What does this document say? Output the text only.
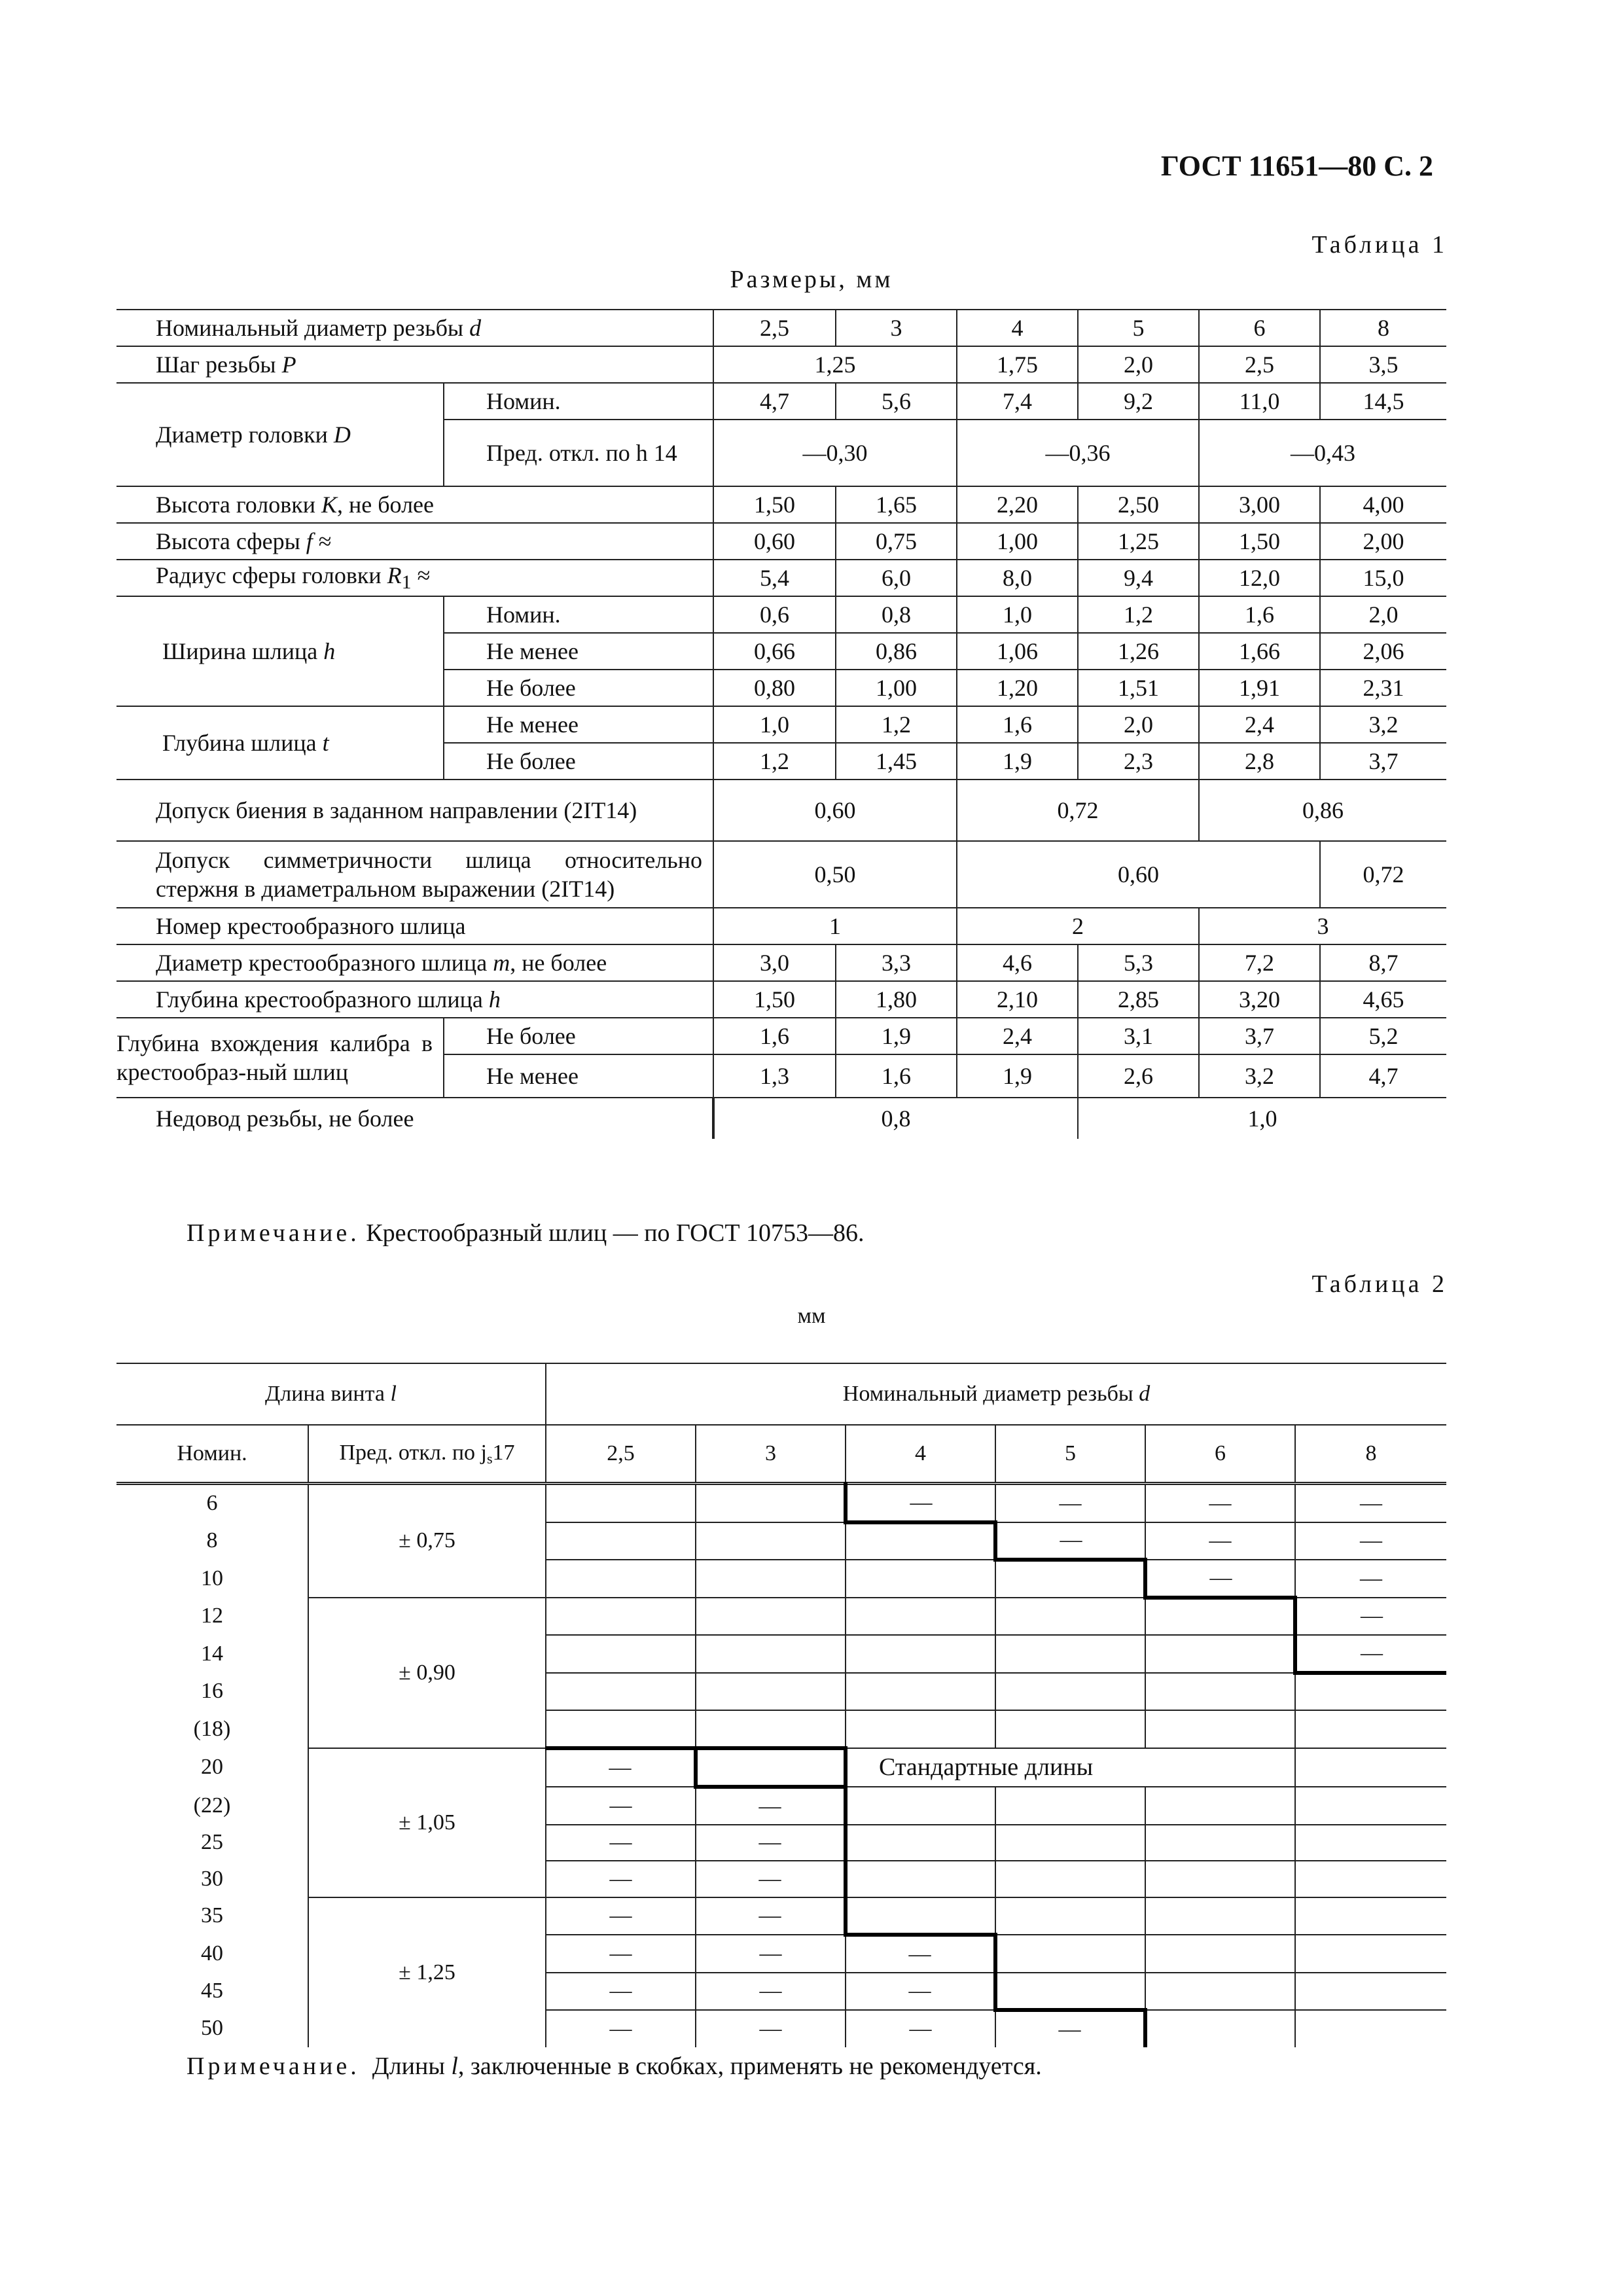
ГОСТ 11651—80 С. 2
Таблица 1
Размеры, мм
Номинальный диаметр резьбы d		2,5	3	4	5	6	8
Шаг резьбы P		1,25		1,75	2,0	2,5	3,5
Диаметр головки D	Номин.	4,7	5,6	7,4	9,2	11,0	14,5
	Пред. откл. по h 14	—0,30		—0,36		—0,43	
Высота головки K, не более		1,50	1,65	2,20	2,50	3,00	4,00
Высота сферы f ≈		0,60	0,75	1,00	1,25	1,50	2,00
Радиус сферы головки $R_1$ ≈		5,4	6,0	8,0	9,4	12,0	15,0
Ширина шлица h	Номин.	0,6	0,8	1,0	1,2	1,6	2,0
	Не менее	0,66	0,86	1,06	1,26	1,66	2,06
	Не более	0,80	1,00	1,20	1,51	1,91	2,31
Глубина шлица t	Не менее	1,0	1,2	1,6	2,0	2,4	3,2
	Не более	1,2	1,45	1,9	2,3	2,8	3,7
Допуск биения в заданном направлении (2IT14)		0,60		0,72		0,86	
Допуск симметричности шлица относительно стержня в диаметральном выражении (2IT14)		0,50		0,60			0,72
Номер крестообразного шлица		1		2		3	
Диаметр крестообразного шлица m, не более		3,0	3,3	4,6	5,3	7,2	8,7
Глубина крестообразного шлица h		1,50	1,80	2,10	2,85	3,20	4,65
Глубина вхождения калибра в крестообраз-ный шлиц	Не более	1,6	1,9	2,4	3,1	3,7	5,2
	Не менее	1,3	1,6	1,9	2,6	3,2	4,7
Недовод резьбы, не более		0,8			1,0		
Примечание. Крестообразный шлиц — по ГОСТ 10753—86.
Таблица 2
мм
Длина винта l		Номинальный диаметр резьбы d					
Номин.	Пред. откл. по $j_s17$	2,5	3	4	5	6	8
6	± 0,75			—	—	—	—
8					—	—	—
10						—	—
12	± 0,90						—
14							—
16							
(18)							
20	± 1,05	—		Стандартные длины			
(22)		—	—				
25		—	—				
30		—	—				
35	± 1,25	—	—				
40		—	—	—			
45		—	—	—			
50		—	—	—	—		
Примечание.  Длины l, заключенные в скобках, применять не рекомендуется.
